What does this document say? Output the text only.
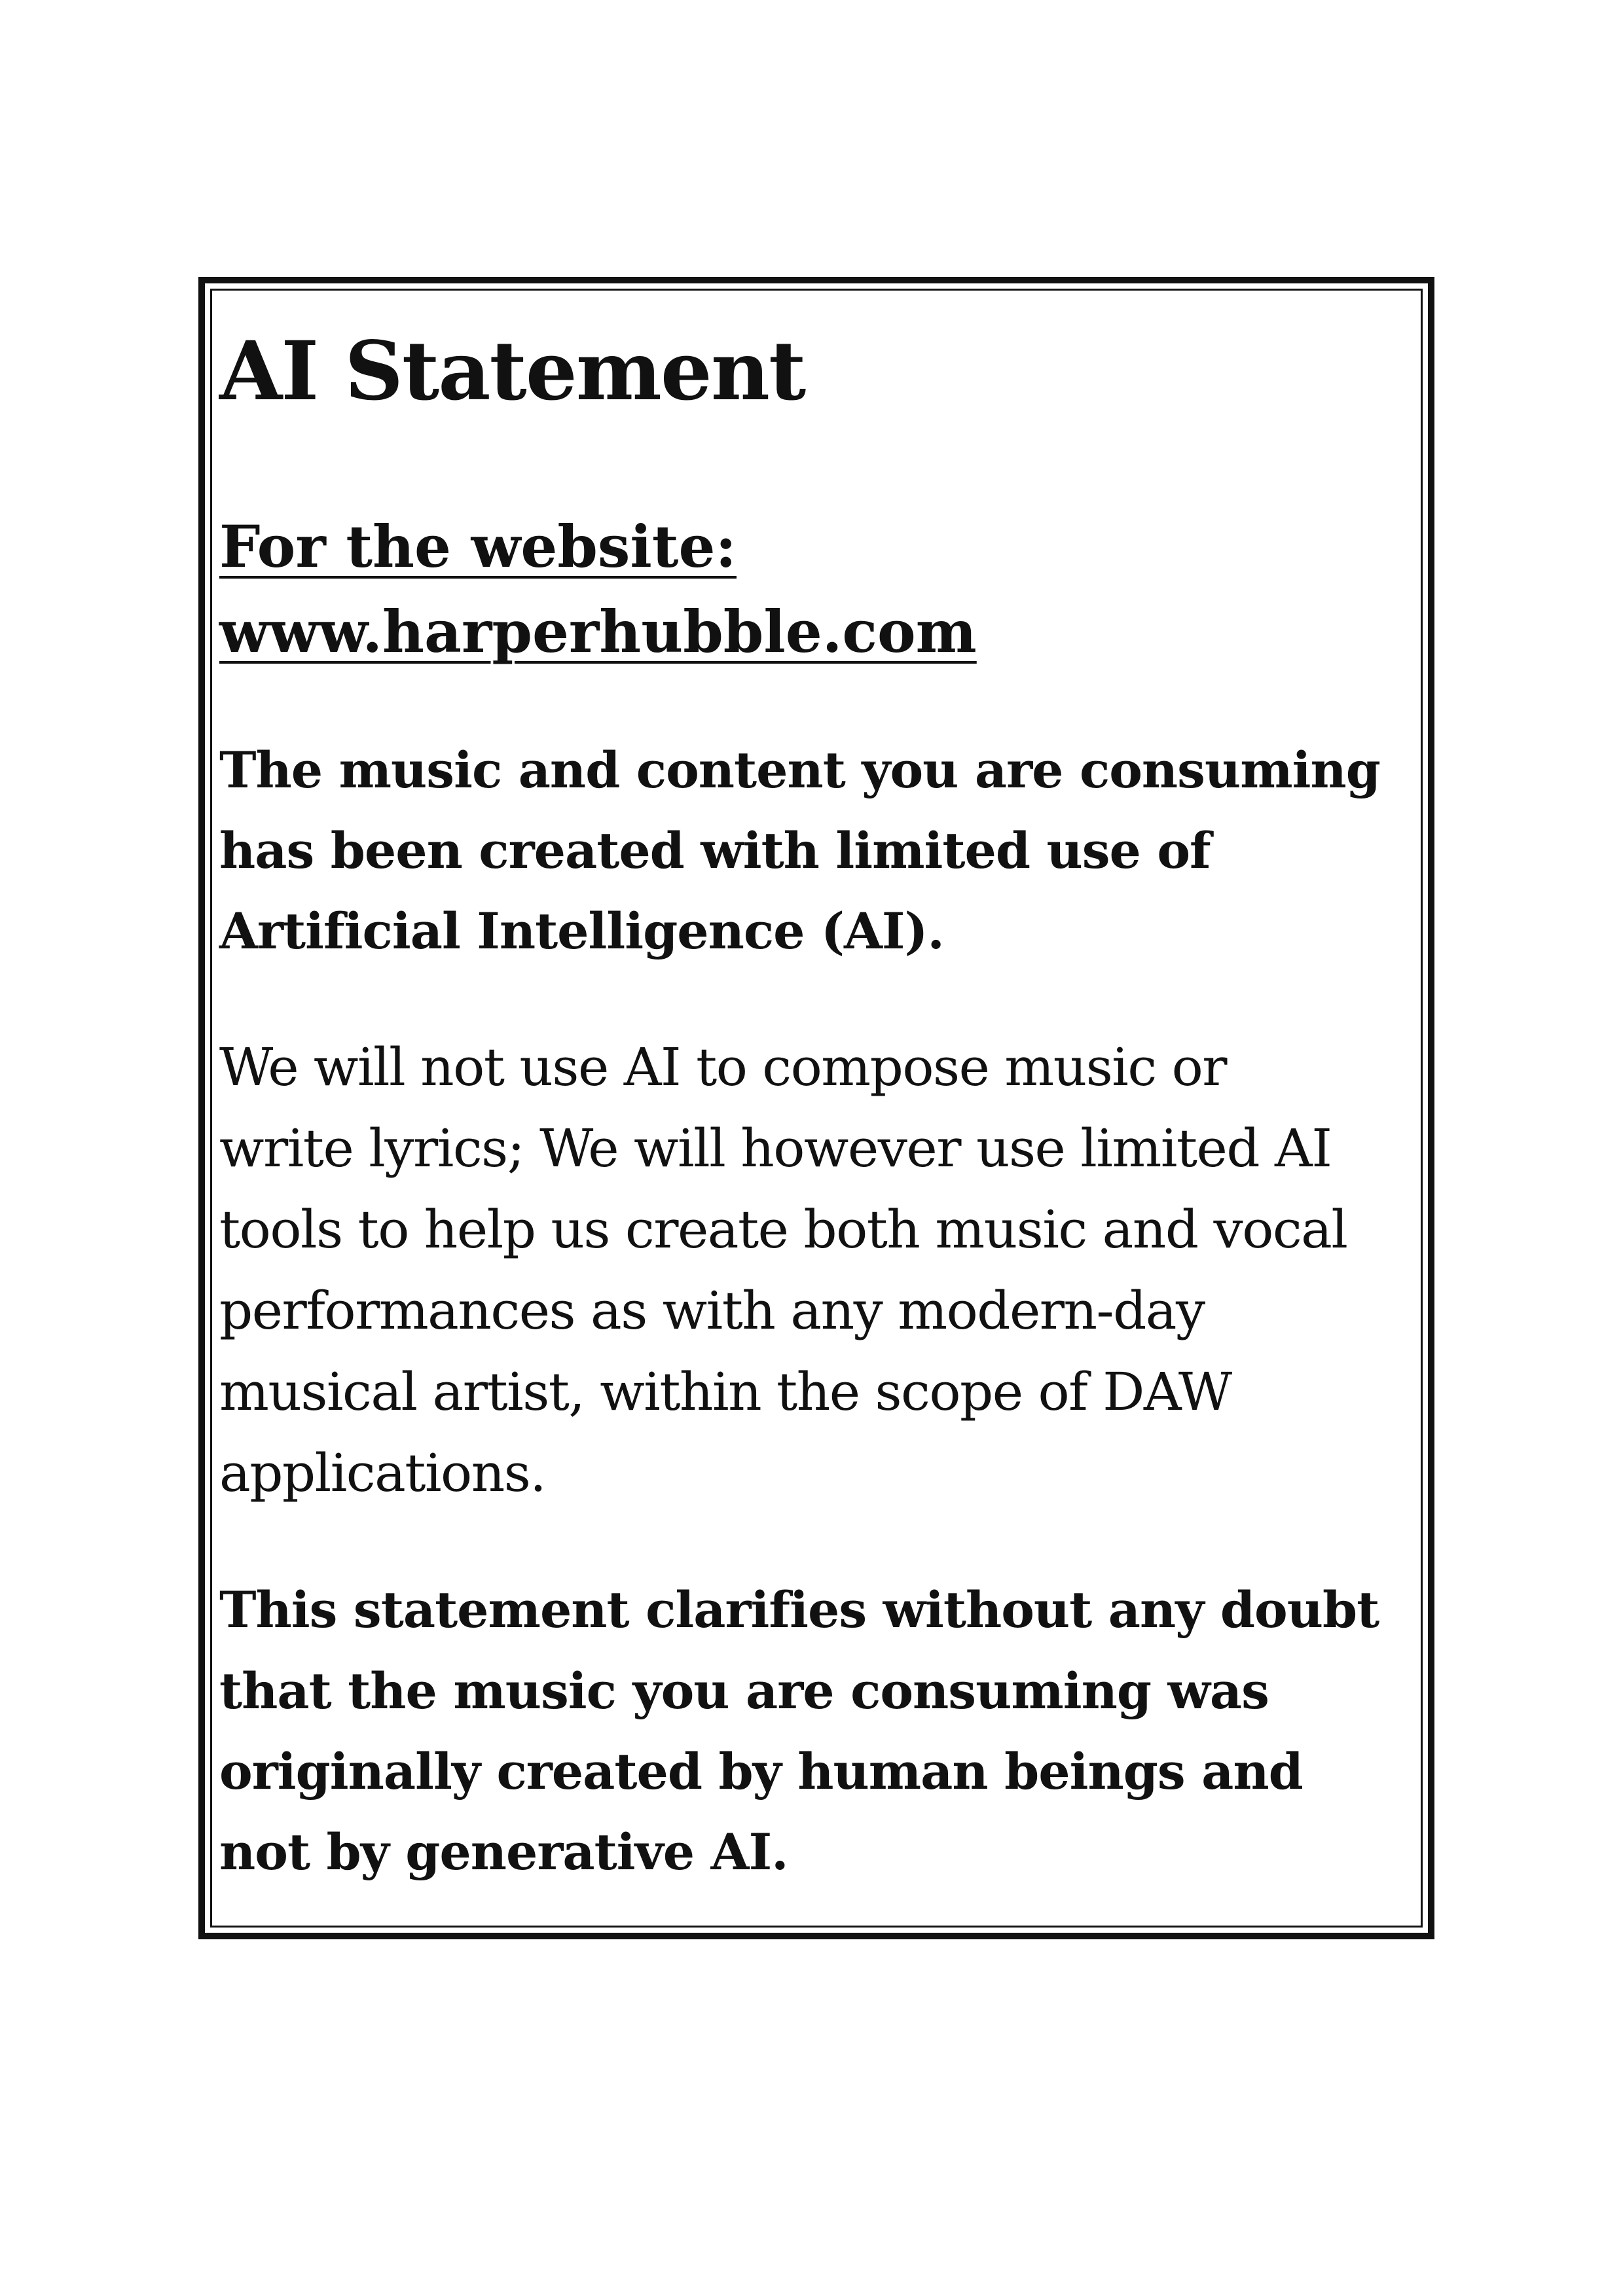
AI Statement
For the website:
www.harperhubble.com

The music and content you are consuming
has been created with limited use of
Artificial Intelligence (AI).

We will not use AI to compose music or
write lyrics; We will however use limited AI
tools to help us create both music and vocal
performances as with any modern-day
musical artist, within the scope of DAW
applications.

This statement clarifies without any doubt
that the music you are consuming was
originally created by human beings and
not by generative AI.
